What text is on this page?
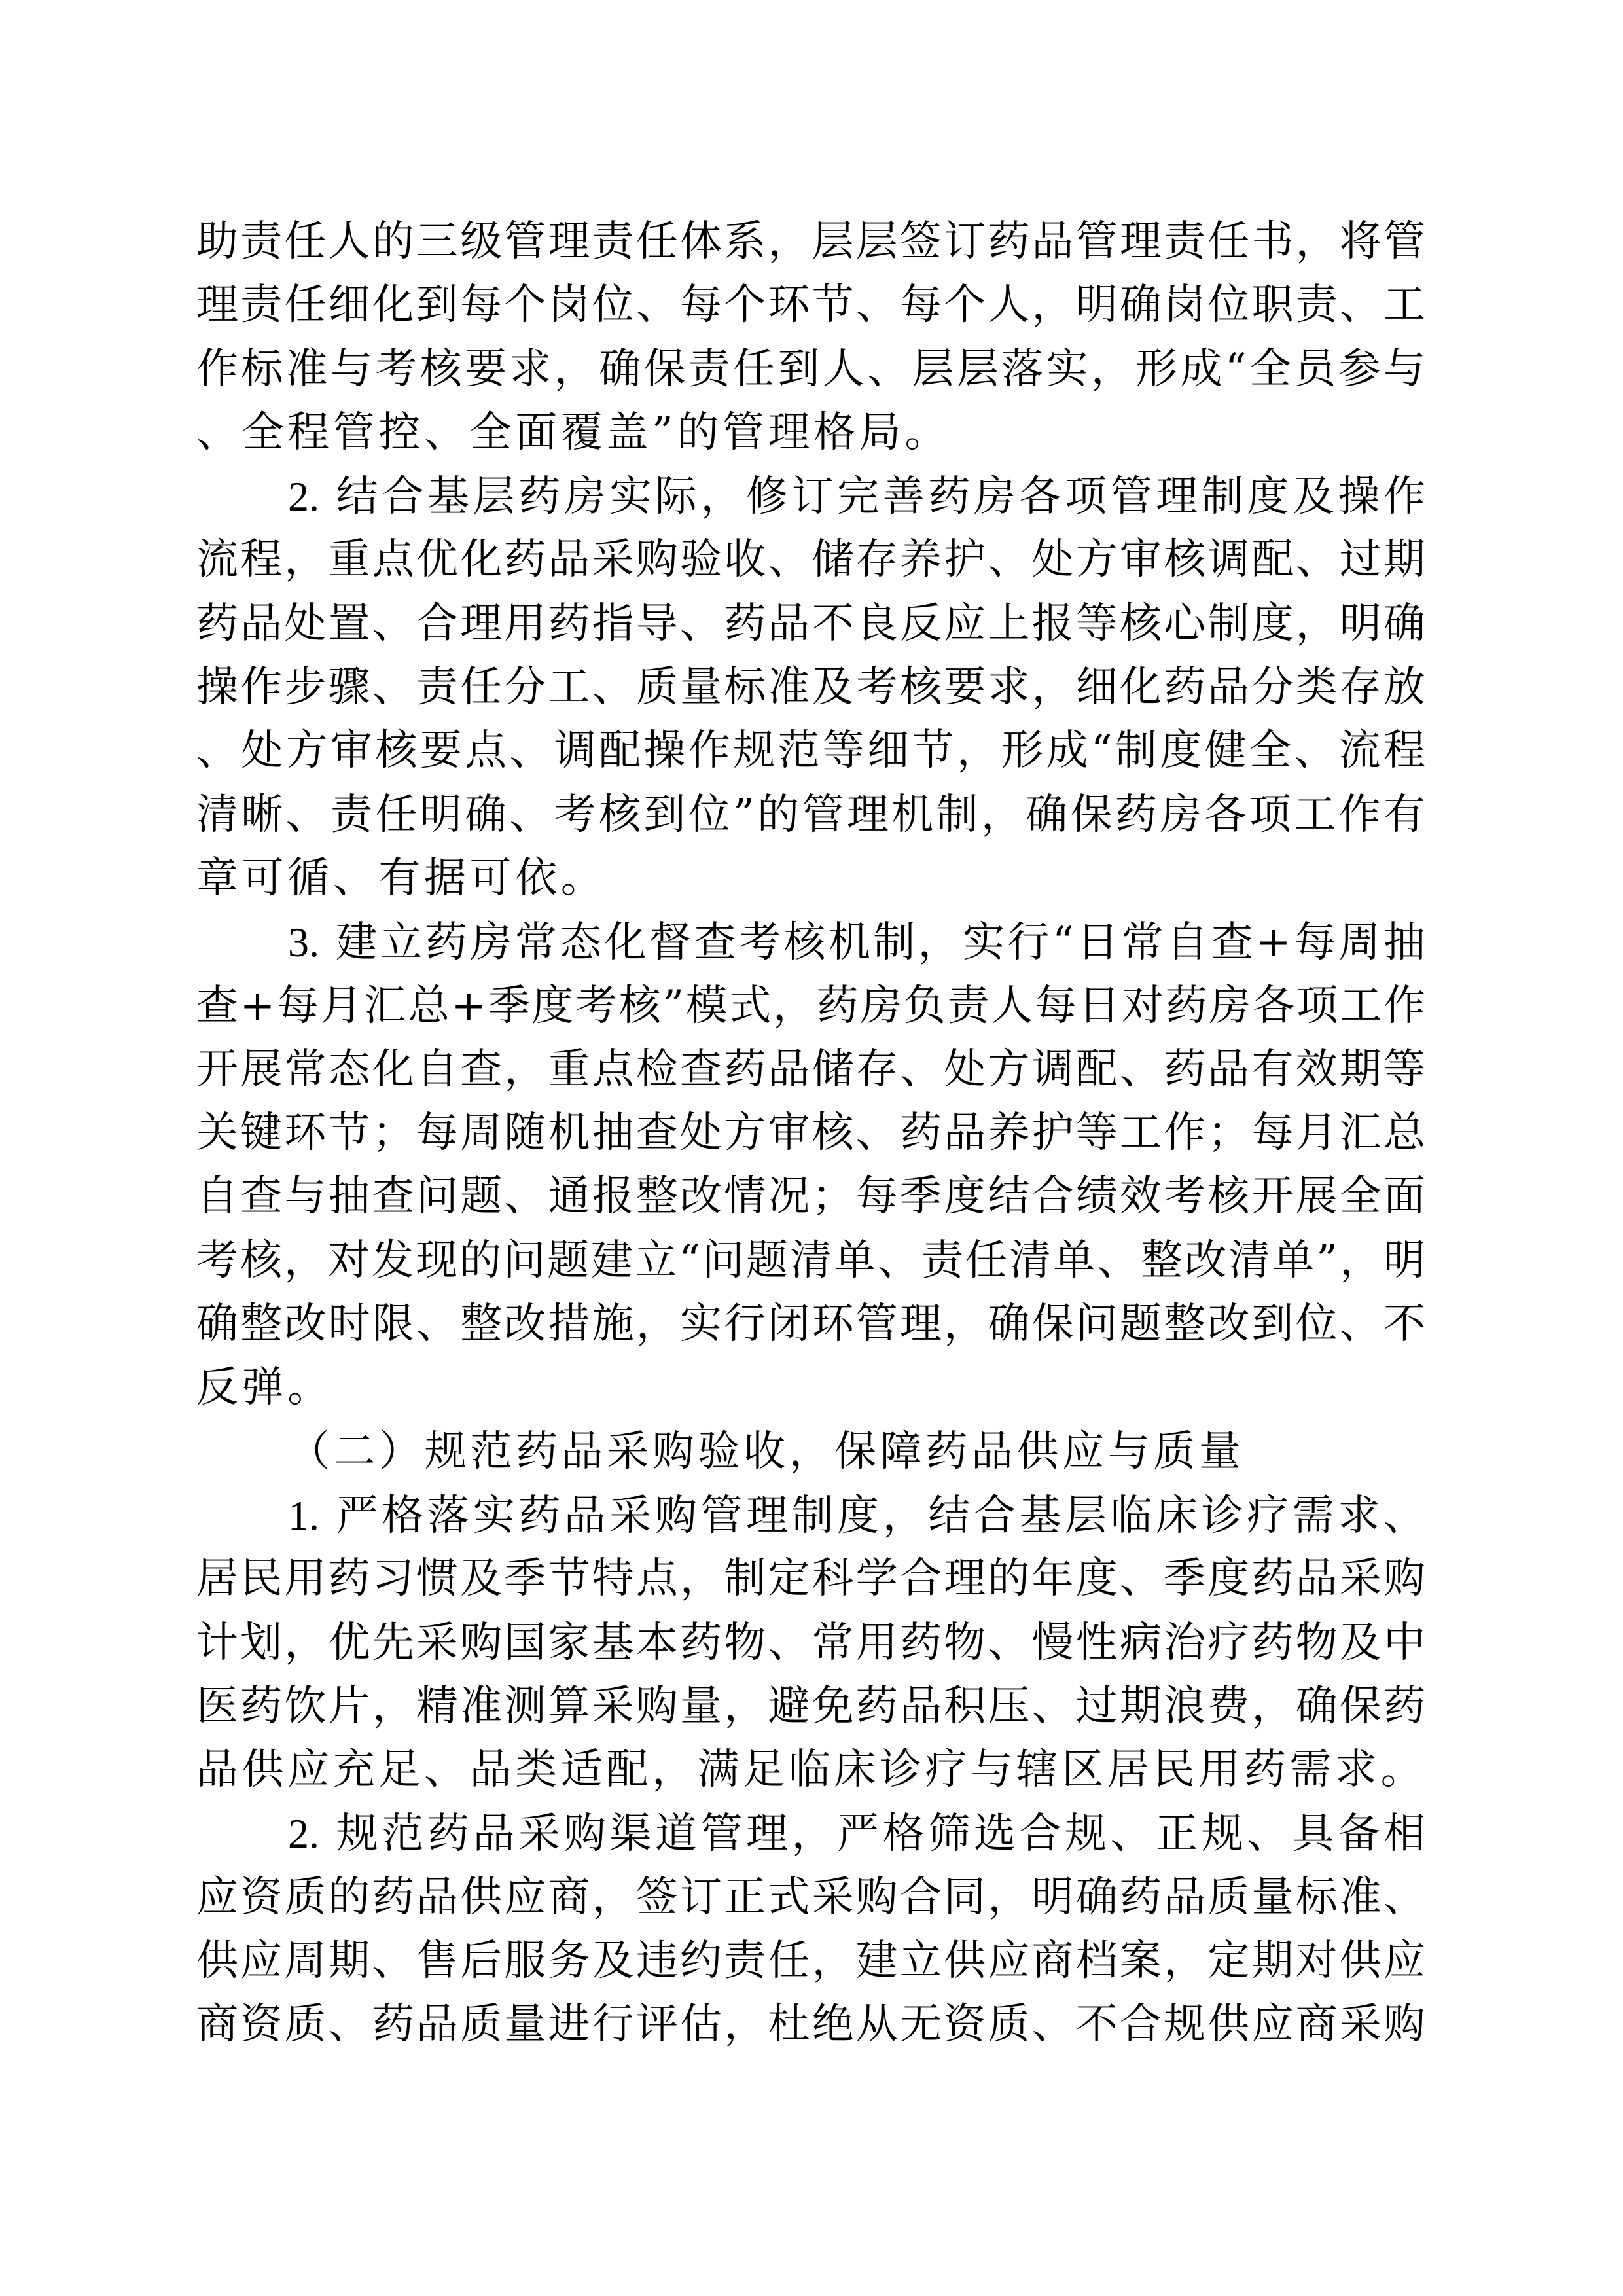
助责任人的三级管理责任体系，层层签订药品管理责任书，将管
理责任细化到每个岗位、每个环节、每个人，明确岗位职责、工
作标准与考核要求，确保责任到人、层层落实，形成“全员参与
、全程管控、全面覆盖”的管理格局。
2. 结合基层药房实际，修订完善药房各项管理制度及操作
流程，重点优化药品采购验收、储存养护、处方审核调配、过期
药品处置、合理用药指导、药品不良反应上报等核心制度，明确
操作步骤、责任分工、质量标准及考核要求，细化药品分类存放
、处方审核要点、调配操作规范等细节，形成“制度健全、流程
清晰、责任明确、考核到位”的管理机制，确保药房各项工作有
章可循、有据可依。
3. 建立药房常态化督查考核机制，实行“日常自查+每周抽
查+每月汇总+季度考核”模式，药房负责人每日对药房各项工作
开展常态化自查，重点检查药品储存、处方调配、药品有效期等
关键环节；每周随机抽查处方审核、药品养护等工作；每月汇总
自查与抽查问题、通报整改情况；每季度结合绩效考核开展全面
考核，对发现的问题建立“问题清单、责任清单、整改清单”，明
确整改时限、整改措施，实行闭环管理，确保问题整改到位、不
反弹。
（二）规范药品采购验收，保障药品供应与质量
1. 严格落实药品采购管理制度，结合基层临床诊疗需求、
居民用药习惯及季节特点，制定科学合理的年度、季度药品采购
计划，优先采购国家基本药物、常用药物、慢性病治疗药物及中
医药饮片，精准测算采购量，避免药品积压、过期浪费，确保药
品供应充足、品类适配，满足临床诊疗与辖区居民用药需求。
2. 规范药品采购渠道管理，严格筛选合规、正规、具备相
应资质的药品供应商，签订正式采购合同，明确药品质量标准、
供应周期、售后服务及违约责任，建立供应商档案，定期对供应
商资质、药品质量进行评估，杜绝从无资质、不合规供应商采购
